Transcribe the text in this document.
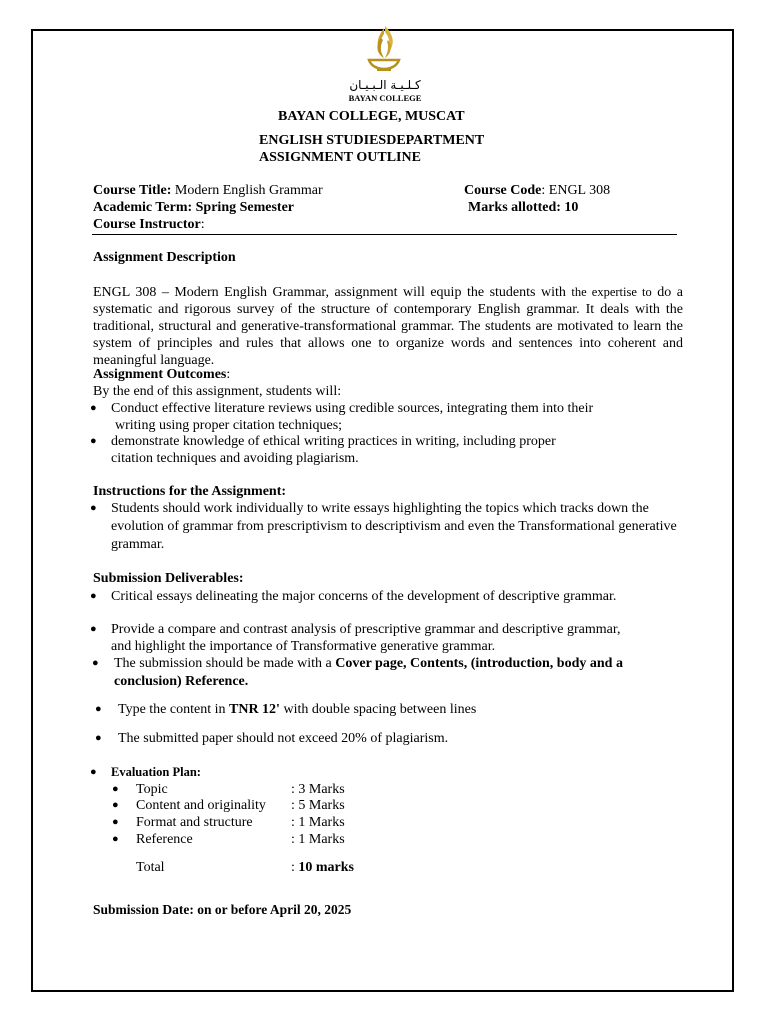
كـلـيـة الـبـيـان
BAYAN COLLEGE
BAYAN COLLEGE, MUSCAT
ENGLISH STUDIESDEPARTMENT
ASSIGNMENT OUTLINE
Course Title: Modern English Grammar	Course Code: ENGL 308
Academic Term: Spring Semester	Marks allotted: 10
Course Instructor:
Assignment Description
ENGL 308 – Modern English Grammar, assignment will equip the students with the expertise to do a systematic and rigorous survey of the structure of contemporary English grammar. It deals with the traditional, structural and generative-transformational grammar. The students are motivated to learn the system of principles and rules that allows one to organize words and sentences into coherent and meaningful language.
Assignment Outcomes:
By the end of this assignment, students will:
● Conduct effective literature reviews using credible sources, integrating them into their
writing using proper citation techniques;
● demonstrate knowledge of ethical writing practices in writing, including proper
citation techniques and avoiding plagiarism.
Instructions for the Assignment:
● Students should work individually to write essays highlighting the topics which tracks down the evolution of grammar from prescriptivism to descriptivism and even the Transformational generative grammar.
Submission Deliverables:
● Critical essays delineating the major concerns of the development of descriptive grammar.
● Provide a compare and contrast analysis of prescriptive grammar and descriptive grammar,
and highlight the importance of Transformative generative grammar.
● The submission should be made with a Cover page, Contents, (introduction, body and a
conclusion) Reference.
● Type the content in TNR 12' with double spacing between lines
● The submitted paper should not exceed 20% of plagiarism.
● Evaluation Plan:
● Topic	: 3 Marks
● Content and originality : 5 Marks
● Format and structure	: 1 Marks
● Reference	: 1 Marks
Total	: 10 marks
Submission Date: on or before April 20, 2025
